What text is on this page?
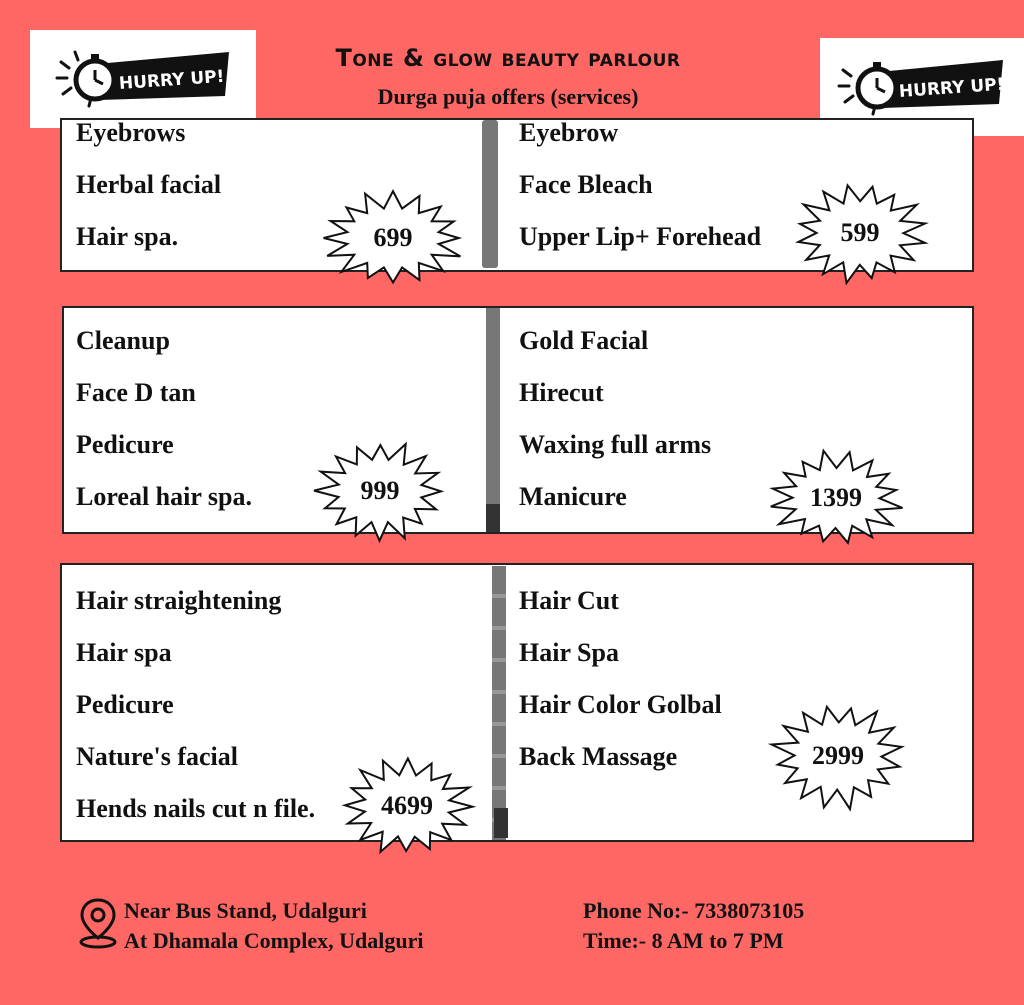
HURRY UP!	HURRY UP!
Tone & glow beauty parlour
Durga puja offers (services)
Eyebrows
Herbal facial
Hair spa.
Eyebrow
Face Bleach
Upper Lip+ Forehead
Cleanup
Face D tan
Pedicure
Loreal hair spa.
Gold Facial
Hirecut
Waxing full arms
Manicure
Hair straightening
Hair spa
Pedicure
Nature's facial
Hends nails cut n file.
Hair Cut
Hair Spa
Hair Color Golbal
Back Massage
699	599
999	1399
4699
2999
Near Bus Stand, Udalguri
At Dhamala Complex, Udalguri
Phone No:- 7338073105
Time:- 8 AM to 7 PM
